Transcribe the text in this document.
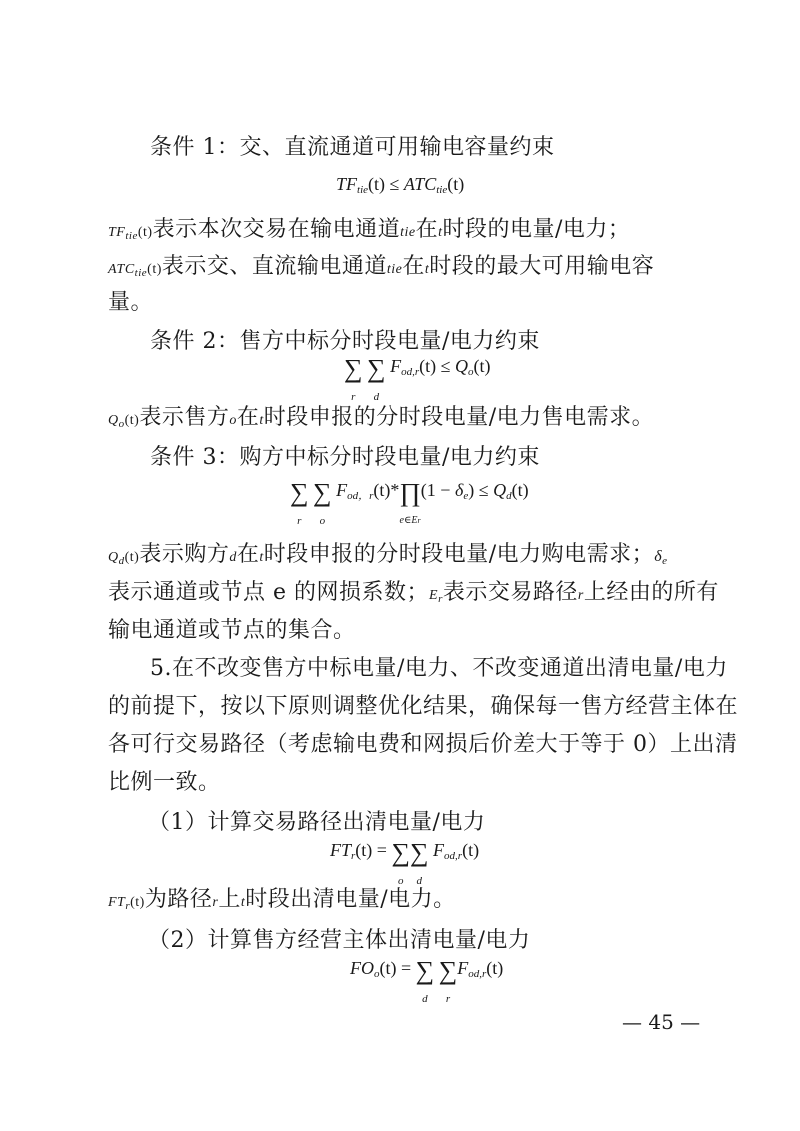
条件 1：交、直流通道可用输电容量约束
$TF_{tie}(t) \le ATC_{tie}(t)$
$TF_{tie}(t)$表示本次交易在输电通道tie在t时段的电量/电力；
$ATC_{tie}(t)$表示交、直流输电通道tie在t时段的最大可用输电容
量。
条件 2：售方中标分时段电量/电力约束
∑
r
∑
d
$F_{od,r}(t) \le Q_o(t)$
$Q_o(t)$表示售方o在t时段申报的分时段电量/电力售电需求。
条件 3：购方中标分时段电量/电力约束
∑
r
∑
o
$F_{od,r}(t)*\prod$
e∈Er
$(1 - \delta_e) \le Q_d(t)$
$Q_d(t)$表示购方d在t时段申报的分时段电量/电力购电需求；$\delta_e$
表示通道或节点 e 的网损系数；$E_r$表示交易路径r上经由的所有
输电通道或节点的集合。
5.在不改变售方中标电量/电力、不改变通道出清电量/电力
的前提下，按以下原则调整优化结果，确保每一售方经营主体在
各可行交易路径（考虑输电费和网损后价差大于等于 0）上出清
比例一致。
（1）计算交易路径出清电量/电力
$FT_r(t)$ = ∑
o
∑
d
$F_{od,r}(t)$
$FT_r(t)$为路径r上t时段出清电量/电力。
（2）计算售方经营主体出清电量/电力
$FO_o(t)$ = ∑
d
∑
r
$F_{od,r}(t)$
— 45 —
